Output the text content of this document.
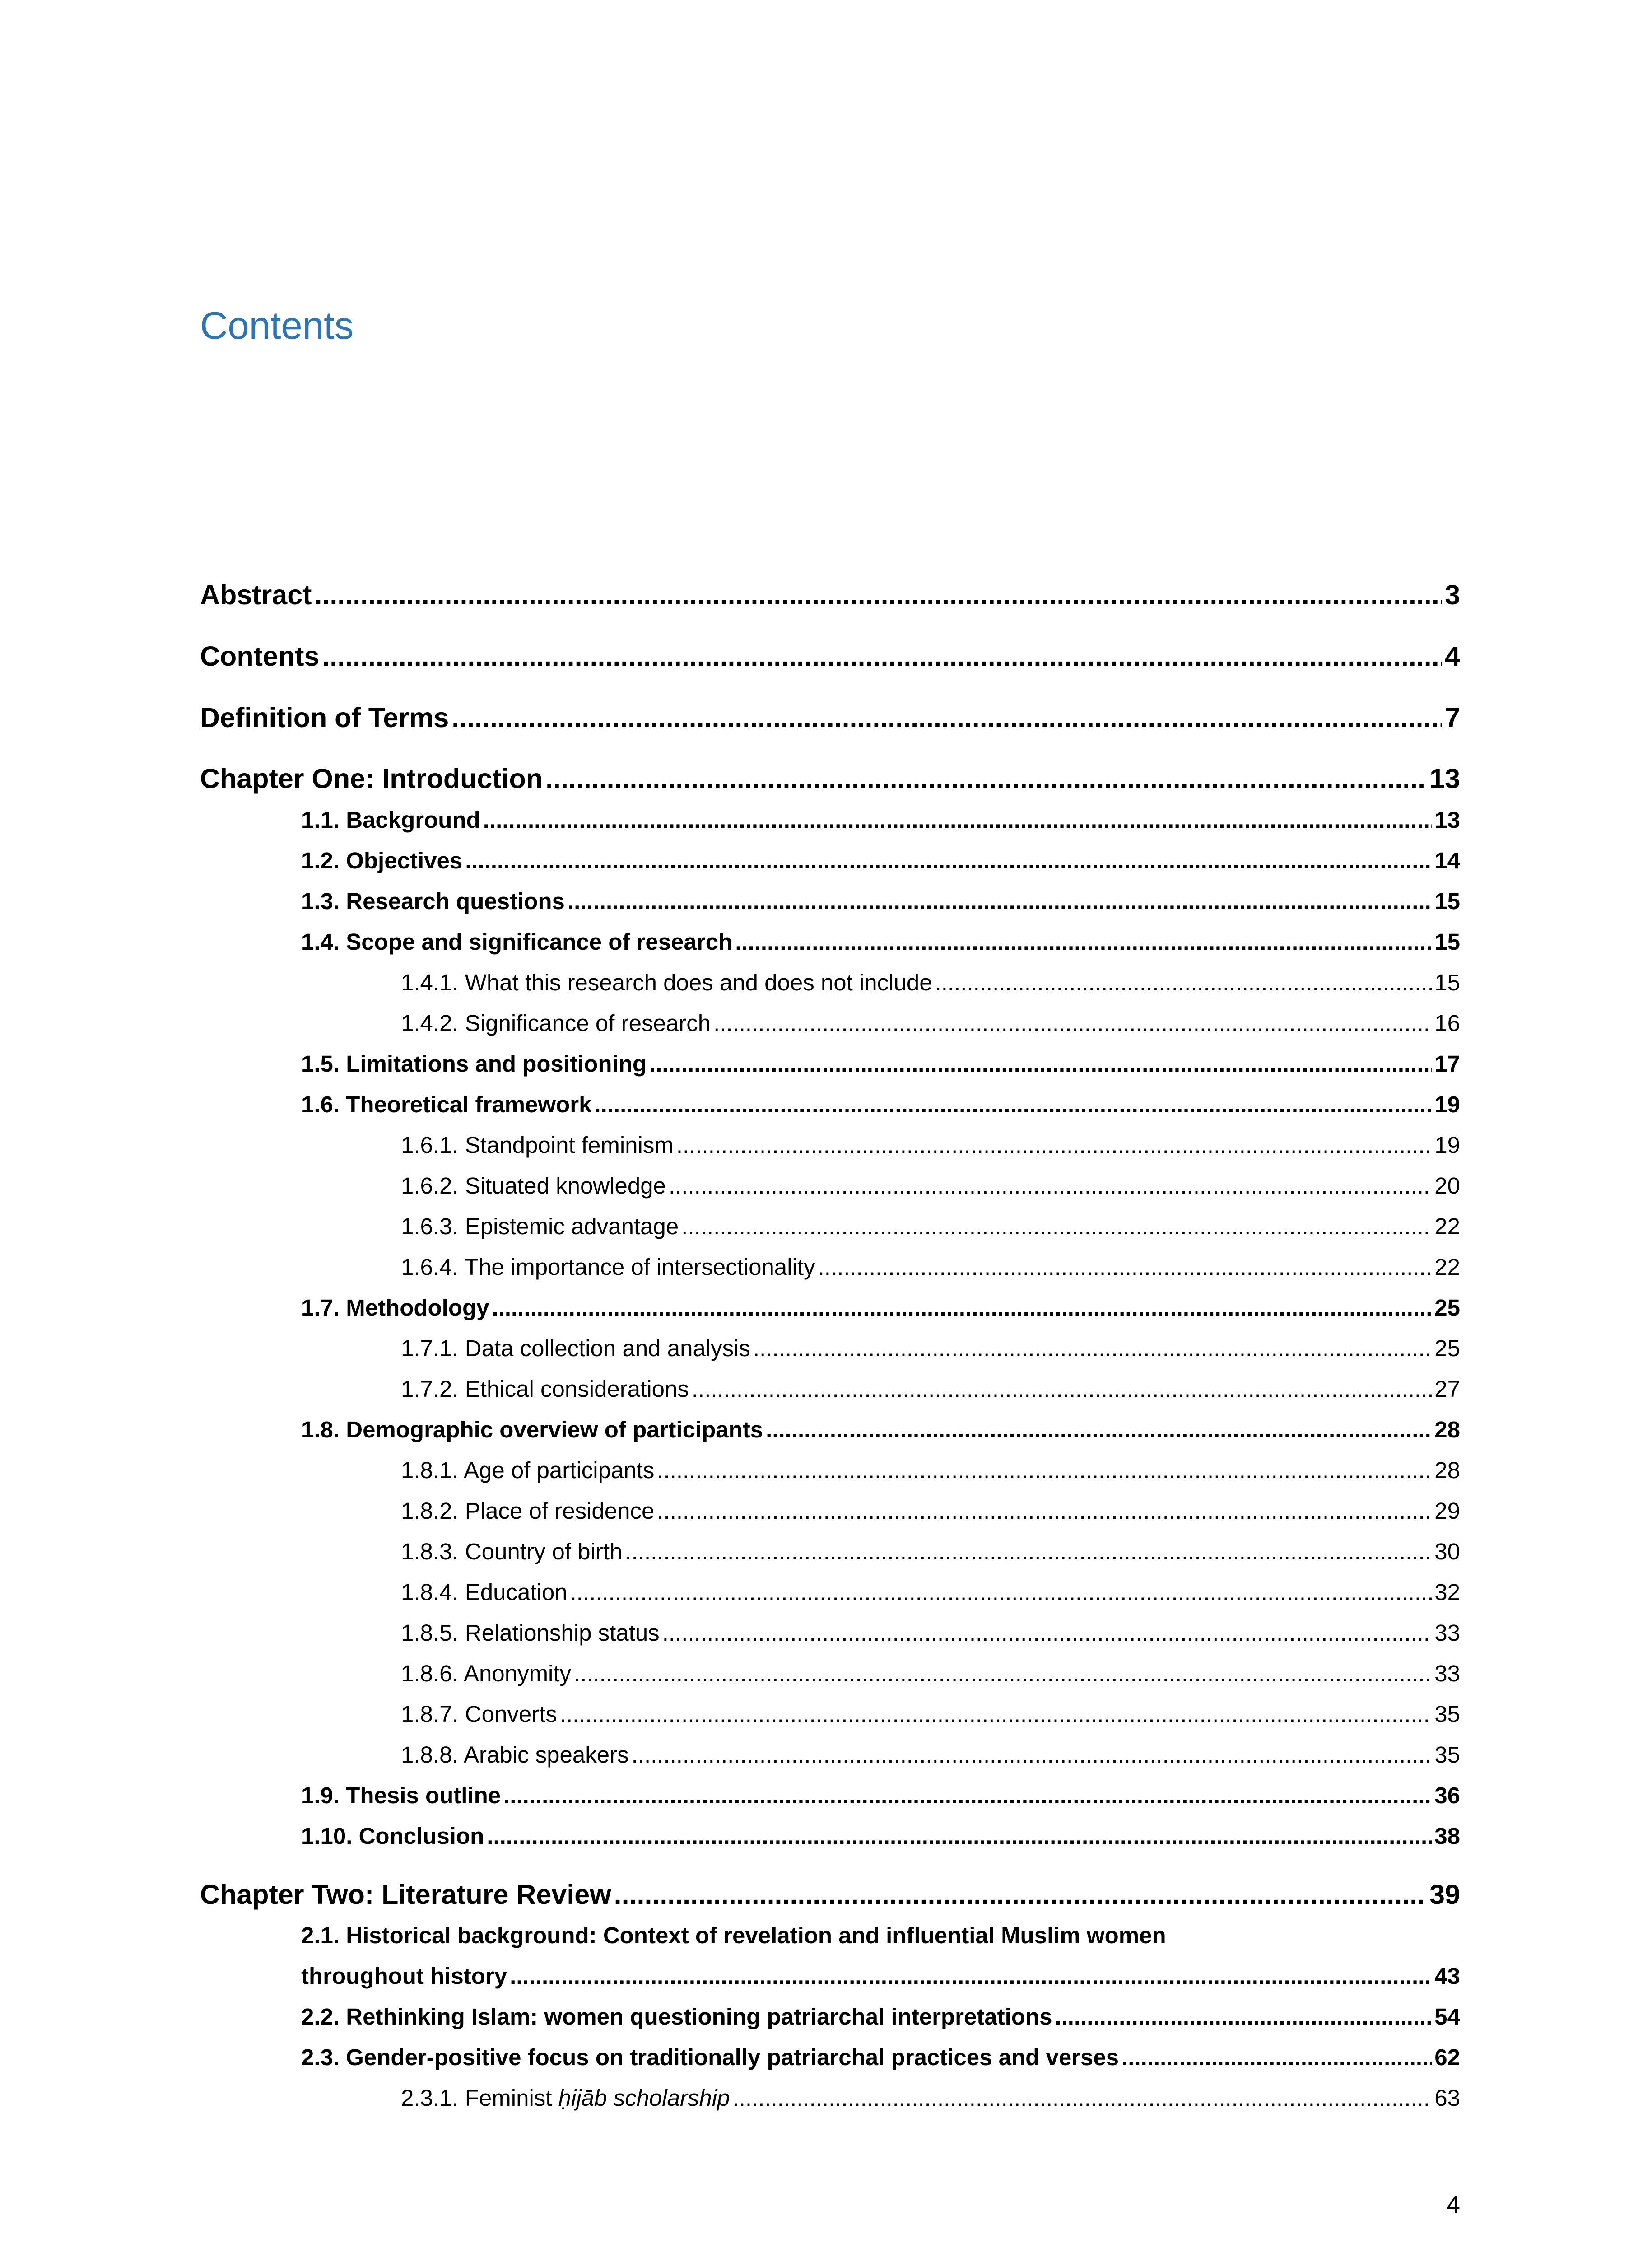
Contents
Abstract .....	3
Contents .....	4
Definition of Terms .....	7
Chapter One: Introduction .....	13
1.1. Background .....	13
1.2. Objectives .....	14
1.3. Research questions .....	15
1.4. Scope and significance of research .....	15
1.4.1. What this research does and does not include .....	15
1.4.2. Significance of research .....	16
1.5. Limitations and positioning .....	17
1.6. Theoretical framework .....	19
1.6.1. Standpoint feminism .....	19
1.6.2. Situated knowledge .....	20
1.6.3. Epistemic advantage .....	22
1.6.4. The importance of intersectionality .....	22
1.7. Methodology .....	25
1.7.1. Data collection and analysis .....	25
1.7.2. Ethical considerations .....	27
1.8. Demographic overview of participants .....	28
1.8.1. Age of participants .....	28
1.8.2. Place of residence .....	29
1.8.3. Country of birth .....	30
1.8.4. Education .....	32
1.8.5. Relationship status .....	33
1.8.6. Anonymity .....	33
1.8.7. Converts .....	35
1.8.8. Arabic speakers .....	35
1.9. Thesis outline .....	36
1.10. Conclusion .....	38
Chapter Two: Literature Review .....	39
2.1. Historical background: Context of revelation and influential Muslim women
throughout history .....	43
2.2. Rethinking Islam: women questioning patriarchal interpretations .....	54
2.3. Gender-positive focus on traditionally patriarchal practices and verses .....	62
2.3.1. Feminist ḥijāb scholarship .....	63
4
